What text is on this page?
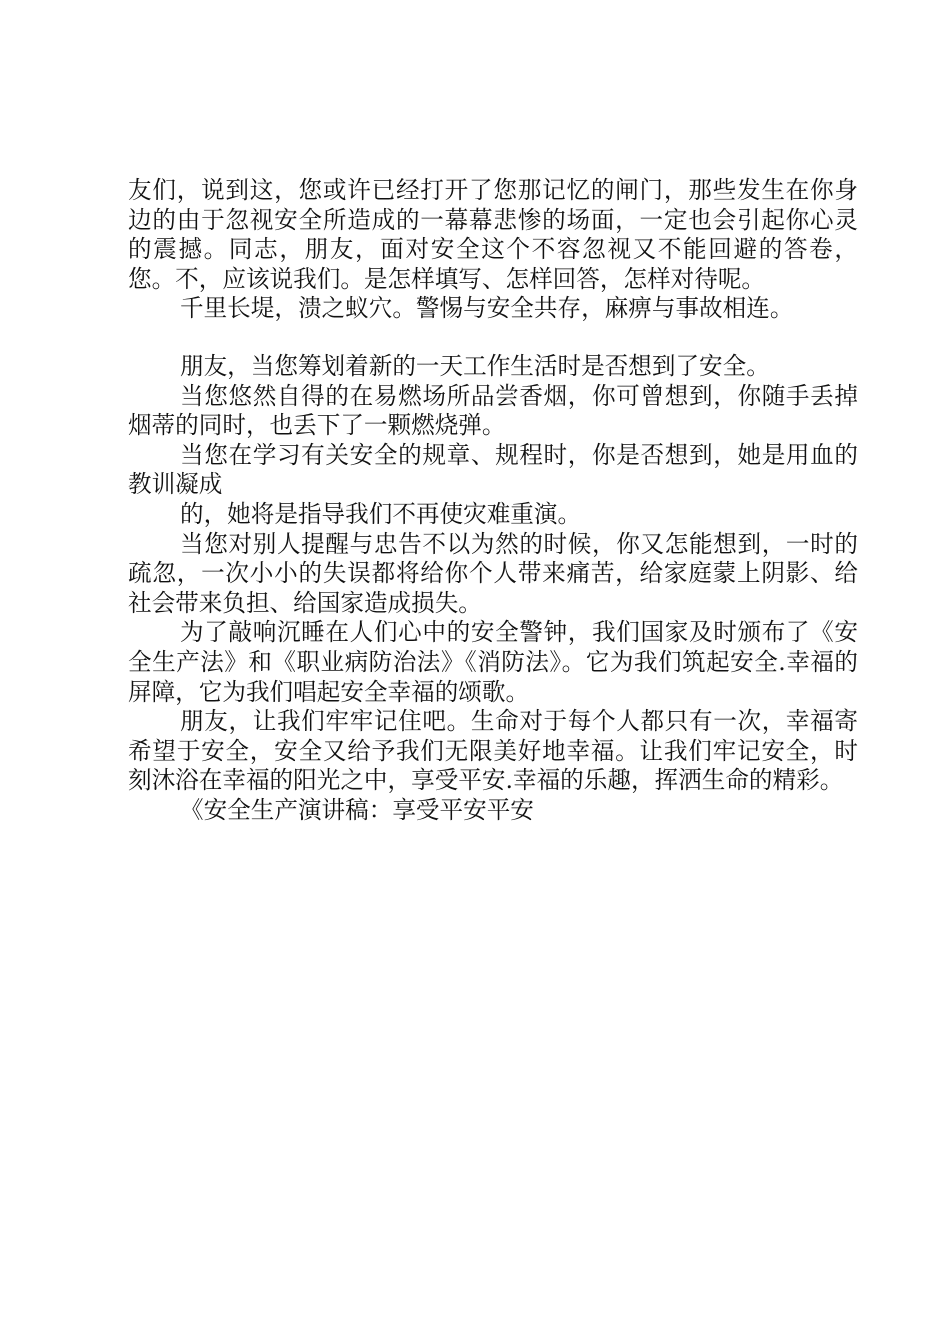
友们，说到这，您或许已经打开了您那记忆的闸门，那些发生在你身边的由于忽视安全所造成的一幕幕悲惨的场面，一定也会引起你心灵的震撼。同志，朋友，面对安全这个不容忽视又不能回避的答卷，您。不，应该说我们。是怎样填写、怎样回答，怎样对待呢。

千里长堤，溃之蚁穴。警惕与安全共存，麻痹与事故相连。

朋友，当您筹划着新的一天工作生活时是否想到了安全。

当您悠然自得的在易燃场所品尝香烟，你可曾想到，你随手丢掉烟蒂的同时，也丢下了一颗燃烧弹。

当您在学习有关安全的规章、规程时，你是否想到，她是用血的教训凝成

的，她将是指导我们不再使灾难重演。

当您对别人提醒与忠告不以为然的时候，你又怎能想到，一时的疏忽，一次小小的失误都将给你个人带来痛苦，给家庭蒙上阴影、给社会带来负担、给国家造成损失。

为了敲响沉睡在人们心中的安全警钟，我们国家及时颁布了《安全生产法》和《职业病防治法》《消防法》。它为我们筑起安全.幸福的屏障，它为我们唱起安全幸福的颂歌。

朋友，让我们牢牢记住吧。生命对于每个人都只有一次，幸福寄希望于安全，安全又给予我们无限美好地幸福。让我们牢记安全，时刻沐浴在幸福的阳光之中，享受平安.幸福的乐趣，挥洒生命的精彩。

《安全生产演讲稿：享受平安平安
